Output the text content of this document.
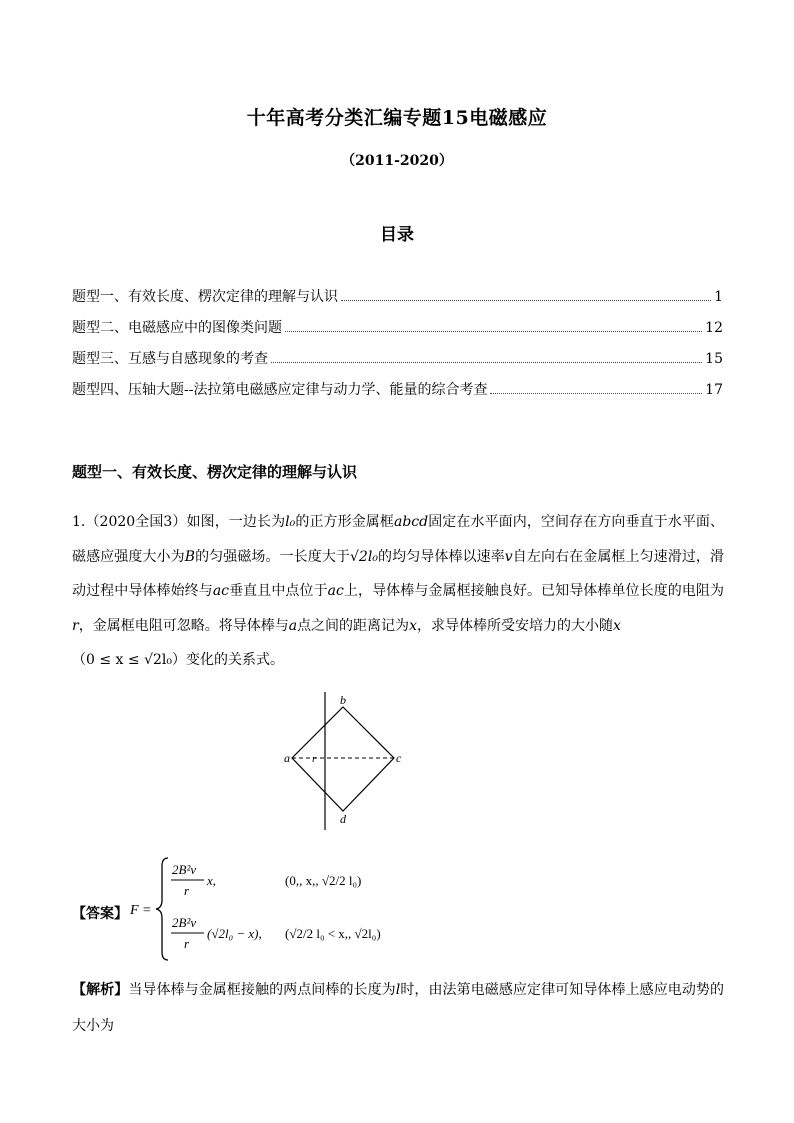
十年高考分类汇编专题15电磁感应
（2011-2020）
目录
题型一、有效长度、楞次定律的理解与认识	1
题型二、电磁感应中的图像类问题	12
题型三、互感与自感现象的考查	15
题型四、压轴大题--法拉第电磁感应定律与动力学、能量的综合考查	17
题型一、有效长度、楞次定律的理解与认识
1.（2020全国3）如图，一边长为l₀的正方形金属框abcd固定在水平面内，空间存在方向垂直于水平面、磁感应强度大小为B的匀强磁场。一长度大于√2l₀的均匀导体棒以速率v自左向右在金属框上匀速滑过，滑动过程中导体棒始终与ac垂直且中点位于ac上，导体棒与金属框接触良好。已知导体棒单位长度的电阻为r，金属框电阻可忽略。将导体棒与a点之间的距离记为x，求导体棒所受安培力的大小随x
（0 ≤ x ≤ √2l₀）变化的关系式。
b
a r	c
d
【答案】 F =
2B²v
r
x,	(0,, x,, √2/2 l₀)
2B²v
r
(√2l₀ − x), (√2/2 l₀ < x,, √2l₀)
【解析】当导体棒与金属框接触的两点间棒的长度为l时，由法第电磁感应定律可知导体棒上感应电动势的大小为
